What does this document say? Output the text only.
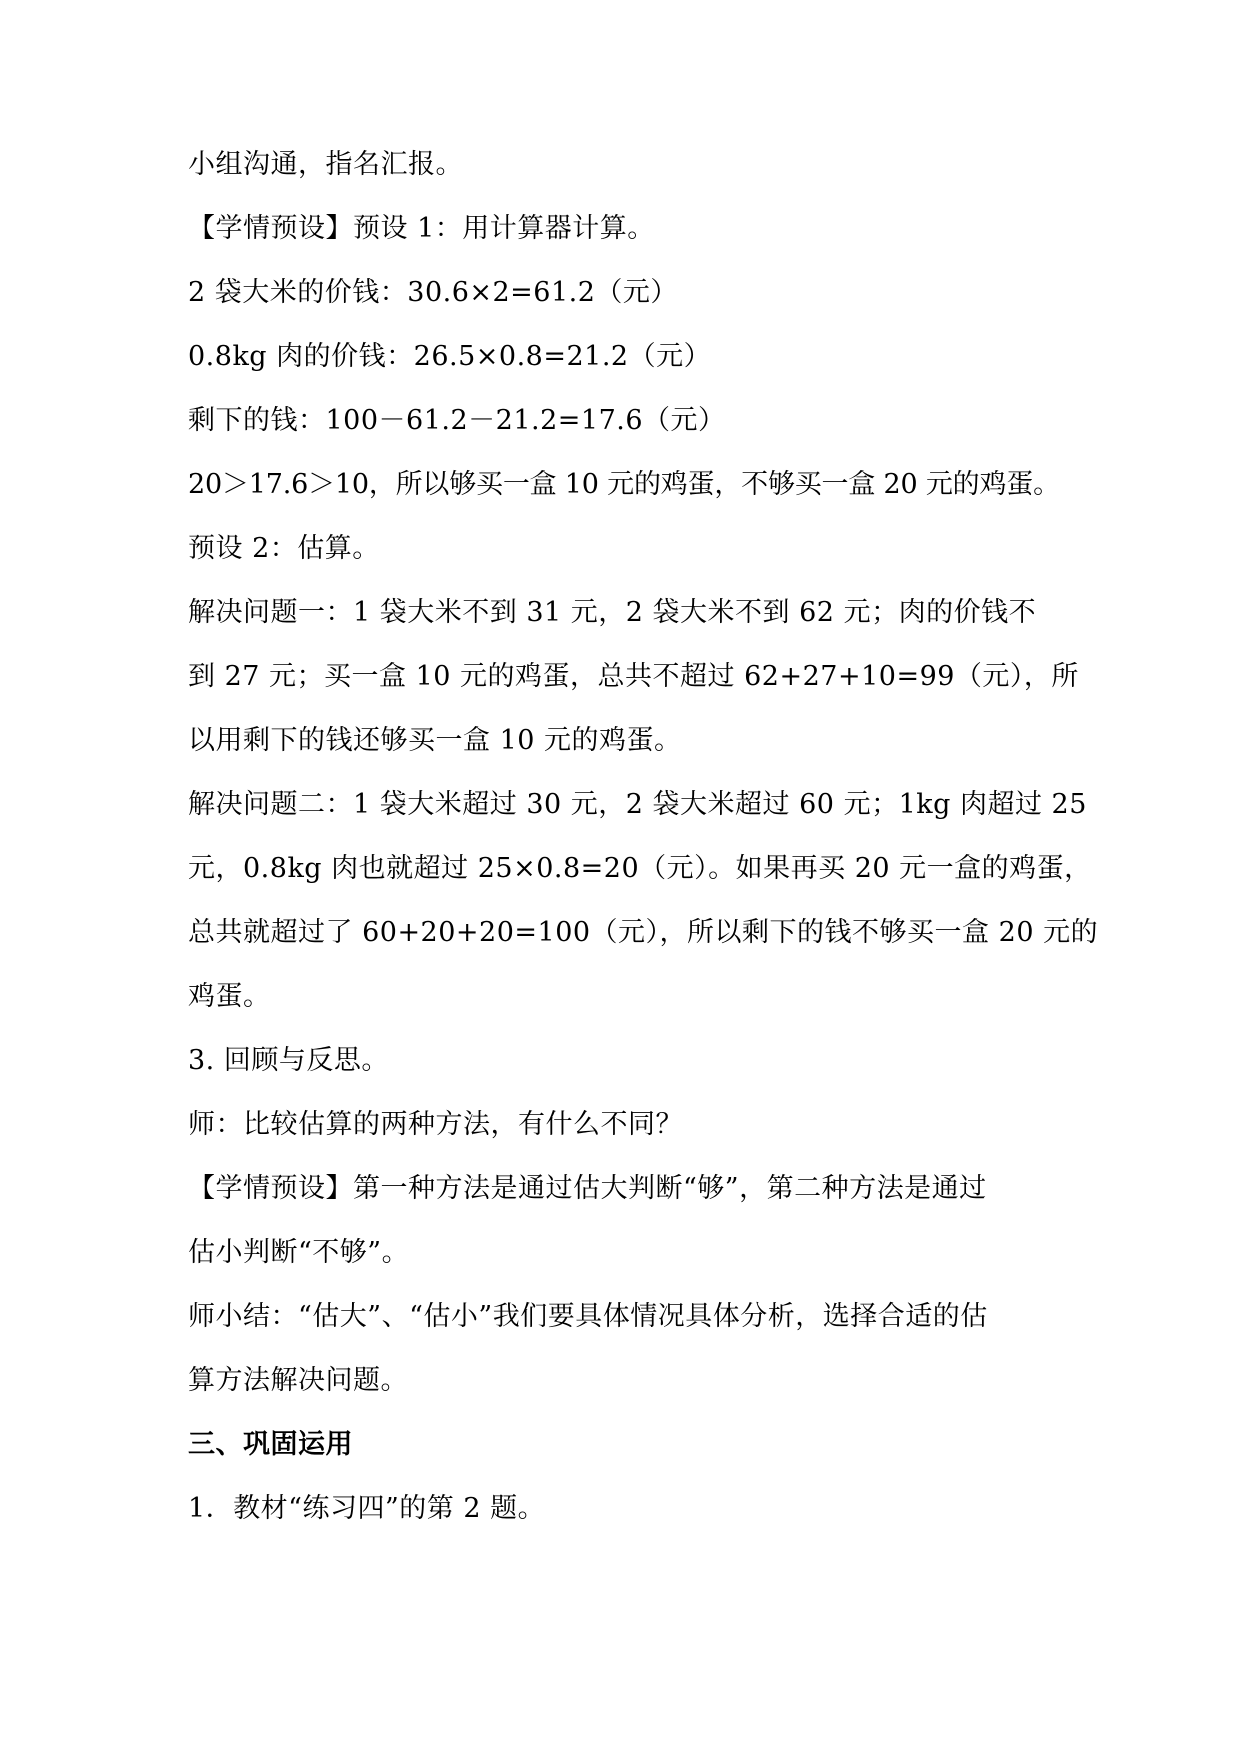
小组沟通，指名汇报。
【学情预设】预设 1：用计算器计算。
2 袋大米的价钱：30.6×2=61.2（元）
0.8kg 肉的价钱：26.5×0.8=21.2（元）
剩下的钱：100－61.2－21.2=17.6（元）
20＞17.6＞10，所以够买一盒 10 元的鸡蛋，不够买一盒 20 元的鸡蛋。
预设 2：估算。
解决问题一：1 袋大米不到 31 元，2 袋大米不到 62 元；肉的价钱不
到 27 元；买一盒 10 元的鸡蛋，总共不超过 62+27+10=99（元），所
以用剩下的钱还够买一盒 10 元的鸡蛋。
解决问题二：1 袋大米超过 30 元，2 袋大米超过 60 元；1kg 肉超过 25
元，0.8kg 肉也就超过 25×0.8=20（元）。如果再买 20 元一盒的鸡蛋，
总共就超过了 60+20+20=100（元），所以剩下的钱不够买一盒 20 元的
鸡蛋。
3. 回顾与反思。
师：比较估算的两种方法，有什么不同？
【学情预设】第一种方法是通过估大判断“够”，第二种方法是通过
估小判断“不够”。
师小结：“估大”、“估小”我们要具体情况具体分析，选择合适的估
算方法解决问题。
三、巩固运用
1．教材“练习四”的第 2 题。
